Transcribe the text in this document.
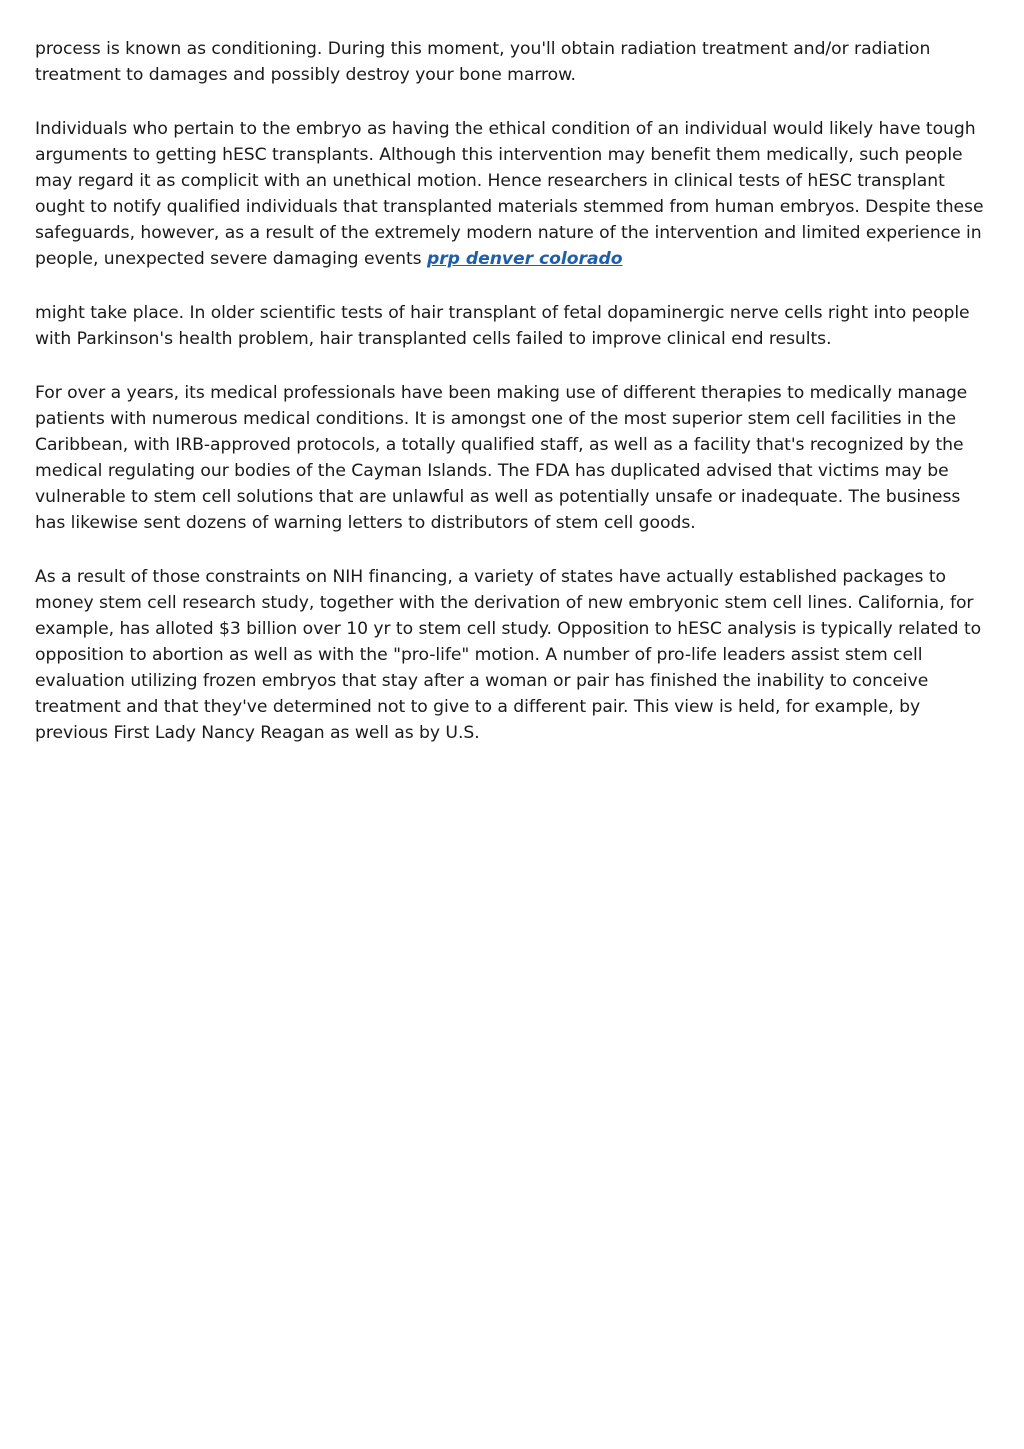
process is known as conditioning. During this moment, you'll obtain radiation treatment and/or radiation treatment to damages and possibly destroy your bone marrow.

Individuals who pertain to the embryo as having the ethical condition of an individual would likely have tough arguments to getting hESC transplants. Although this intervention may benefit them medically, such people may regard it as complicit with an unethical motion. Hence researchers in clinical tests of hESC transplant ought to notify qualified individuals that transplanted materials stemmed from human embryos. Despite these safeguards, however, as a result of the extremely modern nature of the intervention and limited experience in people, unexpected severe damaging events prp denver colorado

might take place. In older scientific tests of hair transplant of fetal dopaminergic nerve cells right into people with Parkinson's health problem, hair transplanted cells failed to improve clinical end results.

For over a years, its medical professionals have been making use of different therapies to medically manage patients with numerous medical conditions. It is amongst one of the most superior stem cell facilities in the Caribbean, with IRB-approved protocols, a totally qualified staff, as well as a facility that's recognized by the medical regulating our bodies of the Cayman Islands. The FDA has duplicated advised that victims may be vulnerable to stem cell solutions that are unlawful as well as potentially unsafe or inadequate. The business has likewise sent dozens of warning letters to distributors of stem cell goods.

As a result of those constraints on NIH financing, a variety of states have actually established packages to money stem cell research study, together with the derivation of new embryonic stem cell lines. California, for example, has alloted $3 billion over 10 yr to stem cell study. Opposition to hESC analysis is typically related to opposition to abortion as well as with the "pro-life" motion. A number of pro-life leaders assist stem cell evaluation utilizing frozen embryos that stay after a woman or pair has finished the inability to conceive treatment and that they've determined not to give to a different pair. This view is held, for example, by previous First Lady Nancy Reagan as well as by U.S.
